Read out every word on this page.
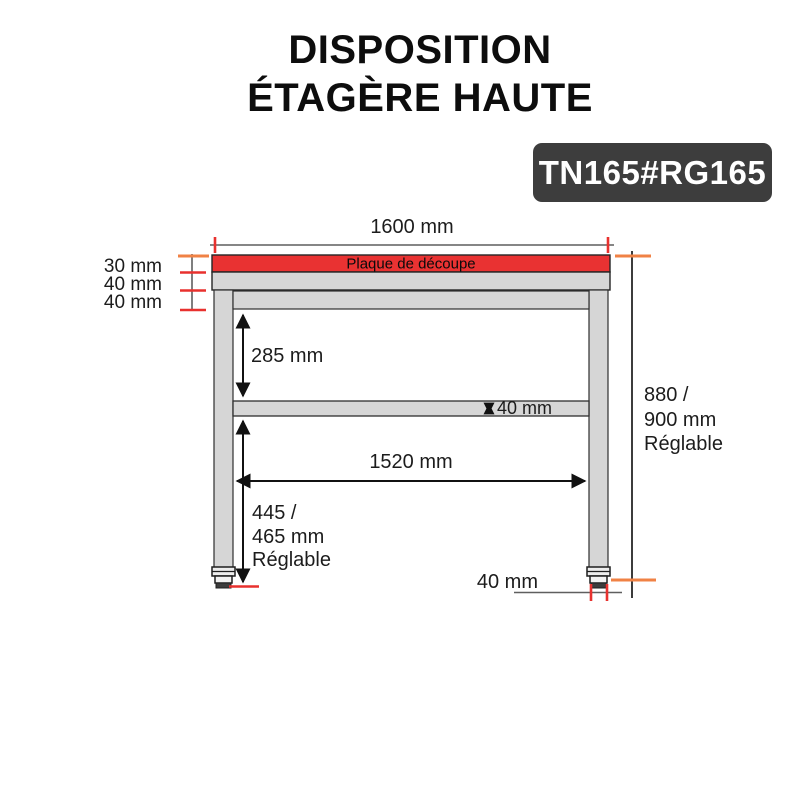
DISPOSITION
ÉTAGÈRE HAUTE
TN165#RG165
1600 mm
Plaque de découpe
30 mm
40 mm
40 mm
285 mm
40 mm
1520 mm
445 /
465 mm
Réglable
880 /
900 mm
Réglable
40 mm
